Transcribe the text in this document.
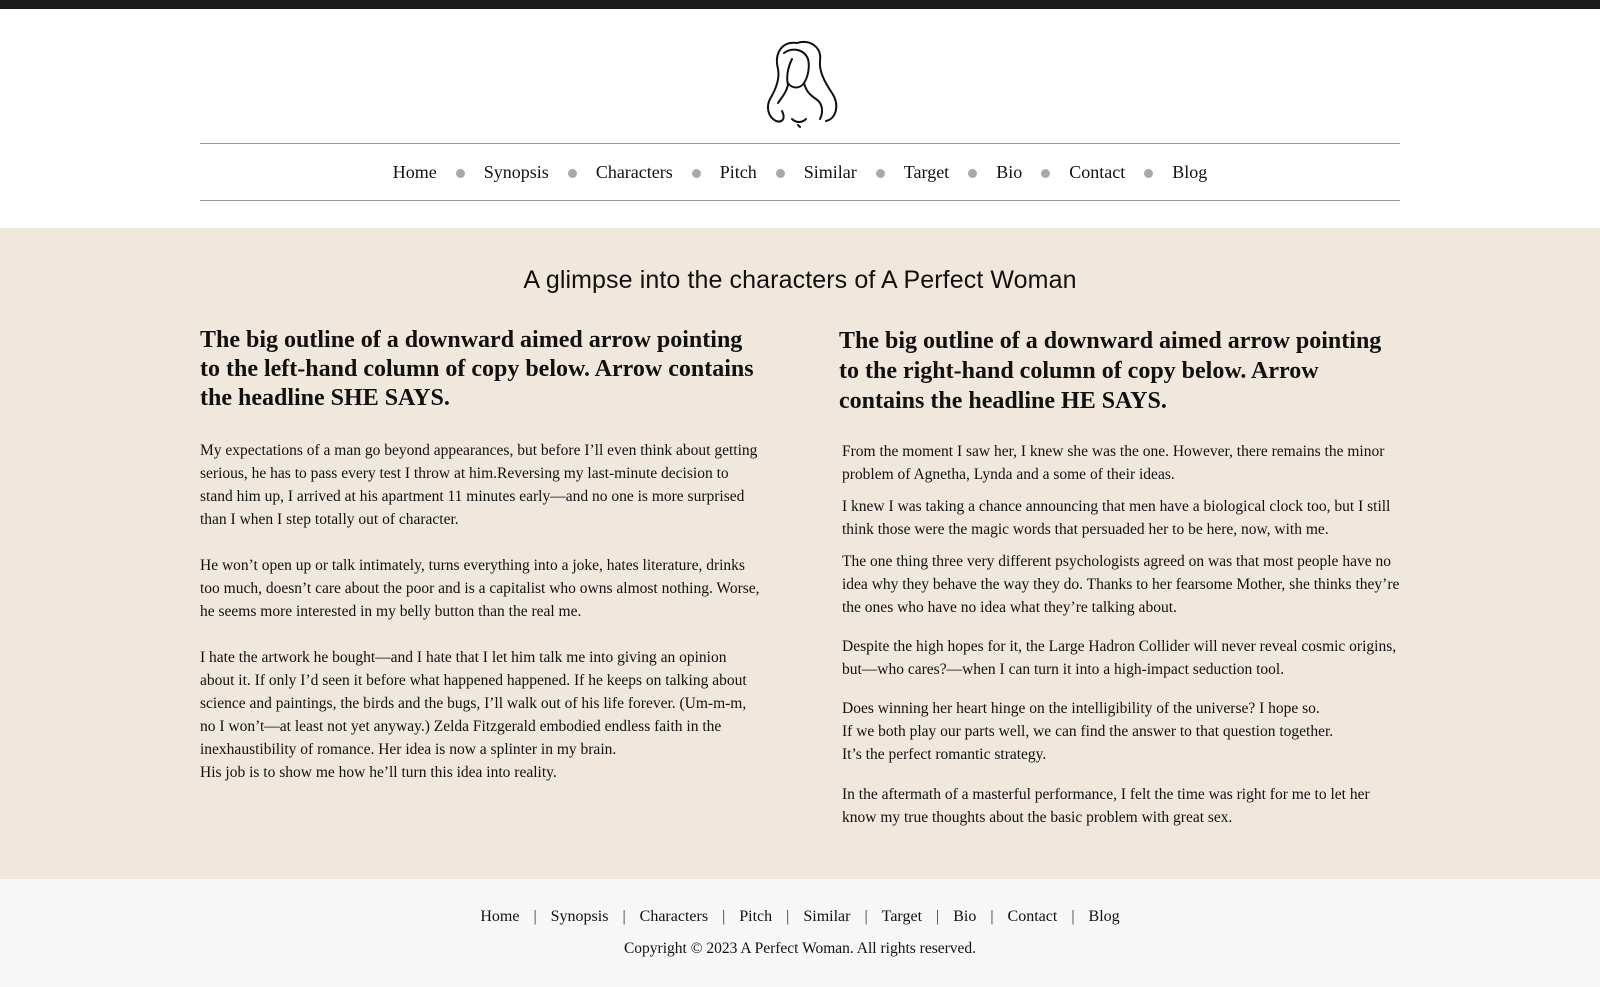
Home	Synopsis	Characters	Pitch	Similar	Target	Bio	Contact	Blog
A glimpse into the characters of A Perfect Woman
The big outline of a downward aimed arrow pointing to the left-hand column of copy below. Arrow contains the headline SHE SAYS.

My expectations of a man go beyond appearances, but before I’ll even think about getting serious, he has to pass every test I throw at him.Reversing my last-minute decision to stand him up, I arrived at his apartment 11 minutes early—and no one is more surprised than I when I step totally out of character.

He won’t open up or talk intimately, turns everything into a joke, hates literature, drinks too much, doesn’t care about the poor and is a capitalist who owns almost nothing. Worse, he seems more interested in my belly button than the real me.

I hate the artwork he bought—and I hate that I let him talk me into giving an opinion about it. If only I’d seen it before what happened happened. If he keeps on talking about science and paintings, the birds and the bugs, I’ll walk out of his life forever. (Um-m-m, no I won’t—at least not yet anyway.) Zelda Fitzgerald embodied endless faith in the inexhaustibility of romance. Her idea is now a splinter in my brain.

His job is to show me how he’ll turn this idea into reality.

The big outline of a downward aimed arrow pointing to the right-hand column of copy below. Arrow contains the headline HE SAYS.

From the moment I saw her, I knew she was the one. However, there remains the minor problem of Agnetha, Lynda and a some of their ideas.

I knew I was taking a chance announcing that men have a biological clock too, but I still think those were the magic words that persuaded her to be here, now, with me.

The one thing three very different psychologists agreed on was that most people have no idea why they behave the way they do. Thanks to her fearsome Mother, she thinks they’re the ones who have no idea what they’re talking about.

Despite the high hopes for it, the Large Hadron Collider will never reveal cosmic origins, but—who cares?—when I can turn it into a high-impact seduction tool.

Does winning her heart hinge on the intelligibility of the universe? I hope so.

If we both play our parts well, we can find the answer to that question together.

It’s the perfect romantic strategy.

In the aftermath of a masterful performance, I felt the time was right for me to let her know my true thoughts about the basic problem with great sex.

Home | Synopsis | Characters | Pitch | Similar | Target | Bio | Contact | Blog
Copyright © 2023 A Perfect Woman. All rights reserved.
